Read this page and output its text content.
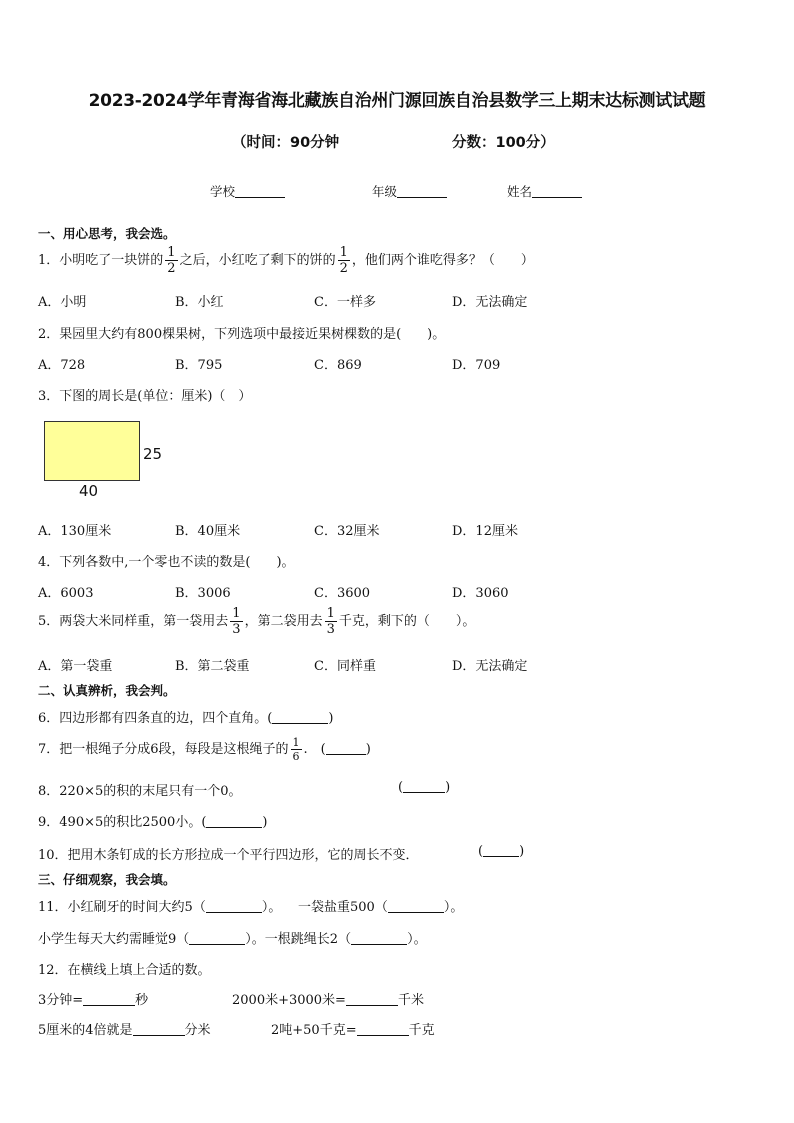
2023-2024学年青海省海北藏族自治州门源回族自治县数学三上期末达标测试试题
（时间：90分钟	分数：100分）
学校	年级	姓名
一、用心思考，我会选。
1．小明吃了一块饼的 $\frac{1}{2}$ 之后，小红吃了剩下的饼的 $\frac{1}{2}$ ，他们两个谁吃得多？（　　）
A．小明	B．小红	C．一样多	D．无法确定
2．果园里大约有800棵果树，下列选项中最接近果树棵数的是(　　)。
A．728	B．795	C．869	D．709
3．下图的周长是(单位：厘米)（　）
25
40
A．130厘米	B．40厘米	C．32厘米	D．12厘米
4．下列各数中,一个零也不读的数是(　　)。
A．6003	B．3006	C．3600	D．3060
5．两袋大米同样重，第一袋用去 $\frac{1}{3}$ ，第二袋用去 $\frac{1}{3}$ 千克，剩下的（　　）。
A．第一袋重	B．第二袋重	C．同样重	D．无法确定
二、认真辨析，我会判。
6．四边形都有四条直的边，四个直角。(	)
7．把一根绳子分成6段，每段是这根绳子的 $\frac{1}{6}$ .　(	)
8．220×5的积的末尾只有一个0。	(	)
9．490×5的积比2500小。(	)
10．把用木条钉成的长方形拉成一个平行四边形，它的周长不变．	(	)
三、仔细观察，我会填。
11．小红刷牙的时间大约5（	）。 一袋盐重500（	）。
小学生每天大约需睡觉9（	）。一根跳绳长2（	）。
12．在横线上填上合适的数。
3分钟=	秒	2000米+3000米=	千米
5厘米的4倍就是	分米	2吨+50千克=	千克
